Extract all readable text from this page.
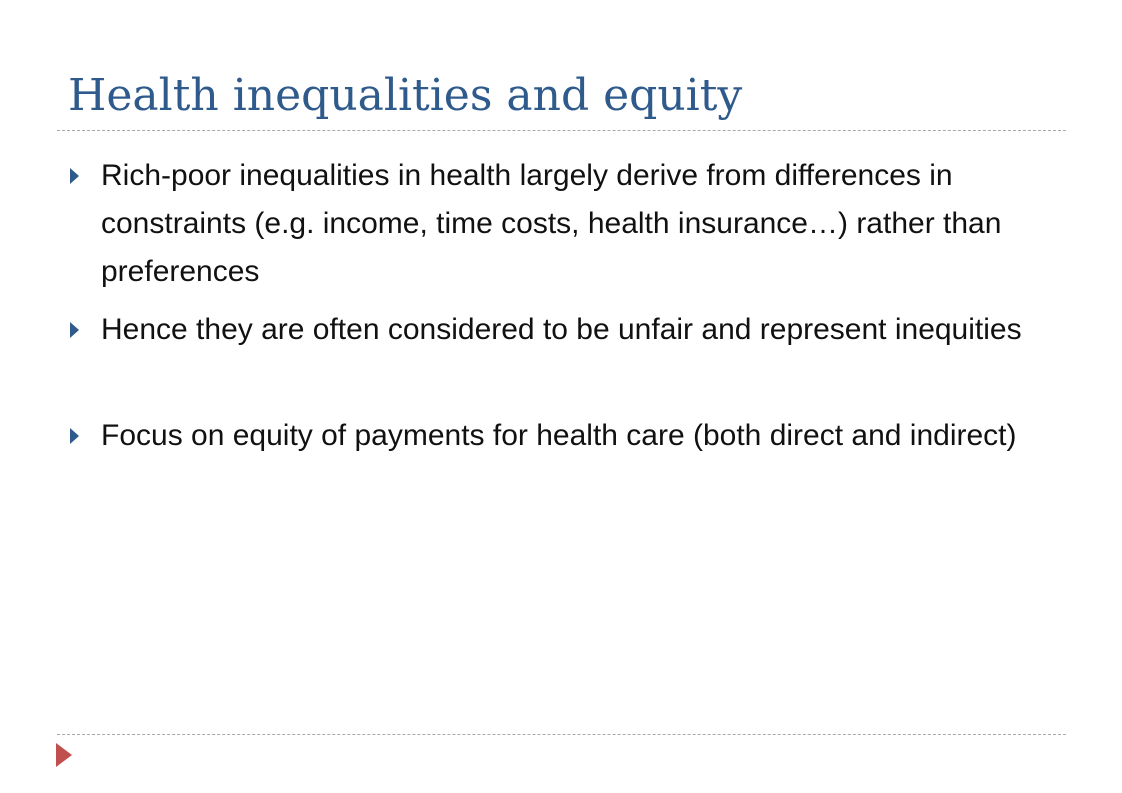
Health inequalities and equity
Rich-poor inequalities in health largely derive from differences in constraints (e.g. income, time costs, health insurance…) rather than preferences
Hence they are often considered to be unfair and represent inequities
Focus on equity of payments for health care (both direct and indirect)
